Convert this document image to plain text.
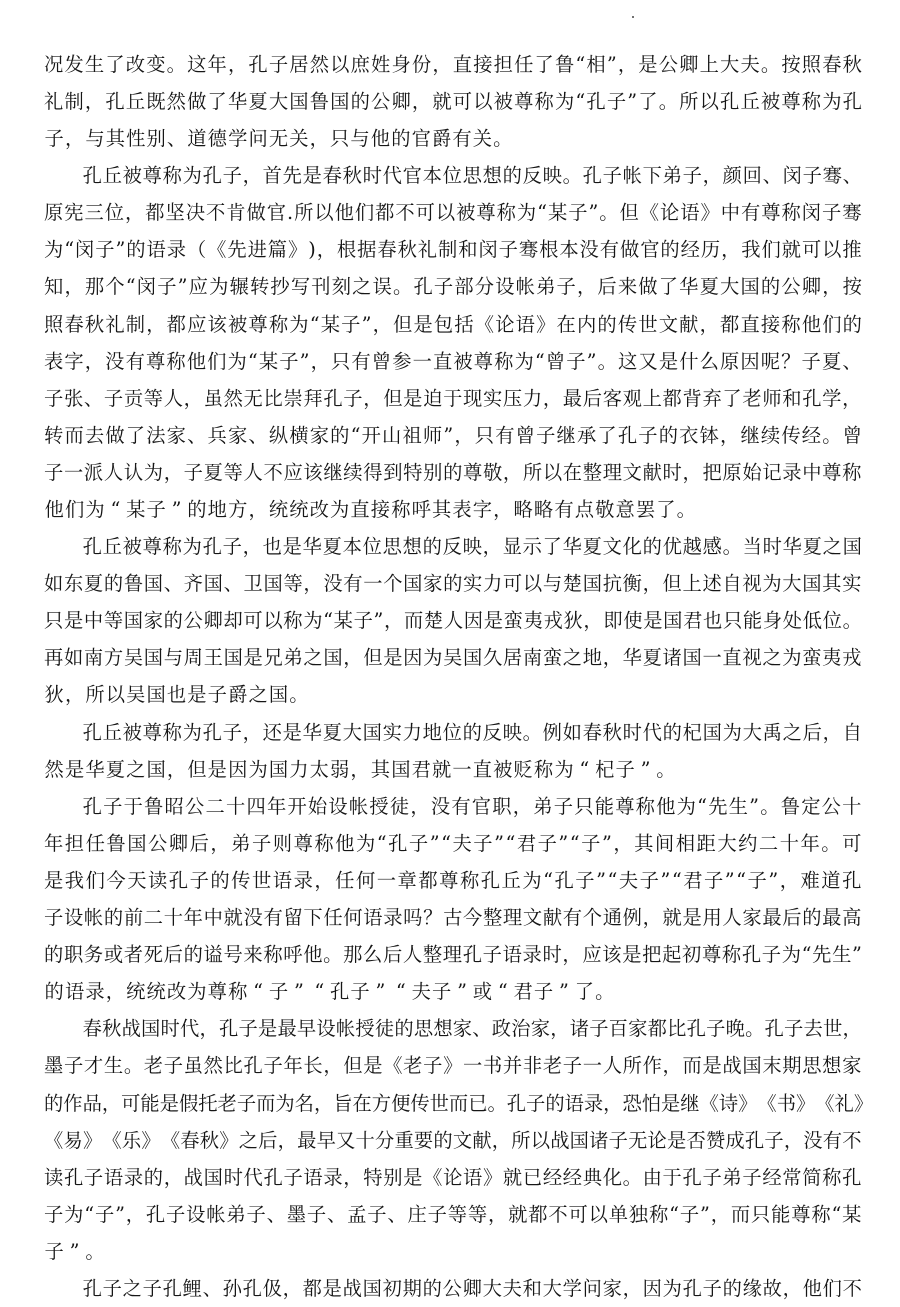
况 发 生 了 改 变 。 这 年 ， 孔 子 居 然 以 庶 姓 身 份 ， 直 接 担 任 了 鲁 “ 相 ” ， 是 公 卿 上 大 夫 。 按 照 春 秋
礼 制 ， 孔 丘 既 然 做 了 华 夏 大 国 鲁 国 的 公 卿 ， 就 可 以 被 尊 称 为 “ 孔 子 ” 了 。 所 以 孔 丘 被 尊 称 为 孔
子 ， 与 其 性 别 、 道 德 学 问 无 关 ， 只 与 他 的 官 爵 有 关 。
孔 丘 被 尊 称 为 孔 子 ， 首 先 是 春 秋 时 代 官 本 位 思 想 的 反 映 。 孔 子 帐 下 弟 子 ， 颜 回 、 闵 子 骞 、
原 宪 三 位 ， 都 坚 决 不 肯 做 官 . 所 以 他 们 都 不 可 以 被 尊 称 为 “ 某 子 ” 。 但 《 论 语 》 中 有 尊 称 闵 子 骞
为 “ 闵 子 ” 的 语 录 （ 《 先 进 篇 》 ) ， 根 据 春 秋 礼 制 和 闵 子 骞 根 本 没 有 做 官 的 经 历 ， 我 们 就 可 以 推
知 ， 那 个 “ 闵 子 ” 应 为 辗 转 抄 写 刊 刻 之 误 。 孔 子 部 分 设 帐 弟 子 ， 后 来 做 了 华 夏 大 国 的 公 卿 ， 按
照 春 秋 礼 制 ， 都 应 该 被 尊 称 为 “ 某 子 ” ， 但 是 包 括 《 论 语 》 在 内 的 传 世 文 献 ， 都 直 接 称 他 们 的
表 字 ， 没 有 尊 称 他 们 为 “ 某 子 ” ， 只 有 曾 参 一 直 被 尊 称 为 “ 曾 子 ” 。 这 又 是 什 么 原 因 呢 ？ 子 夏 、
子 张 、 子 贡 等 人 ， 虽 然 无 比 崇 拜 孔 子 ， 但 是 迫 于 现 实 压 力 ， 最 后 客 观 上 都 背 弃 了 老 师 和 孔 学 ，
转 而 去 做 了 法 家 、 兵 家 、 纵 横 家 的 “ 开 山 祖 师 ” ， 只 有 曾 子 继 承 了 孔 子 的 衣 钵 ， 继 续 传 经 。 曾
子 一 派 人 认 为 ， 子 夏 等 人 不 应 该 继 续 得 到 特 别 的 尊 敬 ， 所 以 在 整 理 文 献 时 ， 把 原 始 记 录 中 尊 称
他 们 为 “ 某 子 ” 的 地 方 ， 统 统 改 为 直 接 称 呼 其 表 字 ， 略 略 有 点 敬 意 罢 了 。
孔 丘 被 尊 称 为 孔 子 ， 也 是 华 夏 本 位 思 想 的 反 映 ， 显 示 了 华 夏 文 化 的 优 越 感 。 当 时 华 夏 之 国
如 东 夏 的 鲁 国 、 齐 国 、 卫 国 等 ， 没 有 一 个 国 家 的 实 力 可 以 与 楚 国 抗 衡 ， 但 上 述 自 视 为 大 国 其 实
只 是 中 等 国 家 的 公 卿 却 可 以 称 为 “ 某 子 ” ， 而 楚 人 因 是 蛮 夷 戎 狄 ， 即 使 是 国 君 也 只 能 身 处 低 位 。
再 如 南 方 吴 国 与 周 王 国 是 兄 弟 之 国 ， 但 是 因 为 吴 国 久 居 南 蛮 之 地 ， 华 夏 诸 国 一 直 视 之 为 蛮 夷 戎
狄 ， 所 以 吴 国 也 是 子 爵 之 国 。
孔 丘 被 尊 称 为 孔 子 ， 还 是 华 夏 大 国 实 力 地 位 的 反 映 。 例 如 春 秋 时 代 的 杞 国 为 大 禹 之 后 ， 自
然 是 华 夏 之 国 ， 但 是 因 为 国 力 太 弱 ， 其 国 君 就 一 直 被 贬 称 为 “ 杞 子 ” 。
孔 子 于 鲁 昭 公 二 十 四 年 开 始 设 帐 授 徒 ， 没 有 官 职 ， 弟 子 只 能 尊 称 他 为 “ 先 生 ” 。 鲁 定 公 十
年 担 任 鲁 国 公 卿 后 ， 弟 子 则 尊 称 他 为 “ 孔 子 ” “ 夫 子 ” “ 君 子 ” “ 子 ” ， 其 间 相 距 大 约 二 十 年 。 可
是 我 们 今 天 读 孔 子 的 传 世 语 录 ， 任 何 一 章 都 尊 称 孔 丘 为 “ 孔 子 ” “ 夫 子 ” “ 君 子 ” “ 子 ” ， 难 道 孔
子 设 帐 的 前 二 十 年 中 就 没 有 留 下 任 何 语 录 吗 ？ 古 今 整 理 文 献 有 个 通 例 ， 就 是 用 人 家 最 后 的 最 高
的 职 务 或 者 死 后 的 谥 号 来 称 呼 他 。 那 么 后 人 整 理 孔 子 语 录 时 ， 应 该 是 把 起 初 尊 称 孔 子 为 “ 先 生 ”
的 语 录 ， 统 统 改 为 尊 称 “ 子 ” “ 孔 子 ” “ 夫 子 ” 或 “ 君 子 ” 了 。
春 秋 战 国 时 代 ， 孔 子 是 最 早 设 帐 授 徒 的 思 想 家 、 政 治 家 ， 诸 子 百 家 都 比 孔 子 晚 。 孔 子 去 世 ，
墨 子 才 生 。 老 子 虽 然 比 孔 子 年 长 ， 但 是 《 老 子 》 一 书 并 非 老 子 一 人 所 作 ， 而 是 战 国 末 期 思 想 家
的 作 品 ， 可 能 是 假 托 老 子 而 为 名 ， 旨 在 方 便 传 世 而 已 。 孔 子 的 语 录 ， 恐 怕 是 继 《 诗 》 《 书 》 《 礼 》
《 易 》 《 乐 》 《 春 秋 》 之 后 ， 最 早 又 十 分 重 要 的 文 献 ， 所 以 战 国 诸 子 无 论 是 否 赞 成 孔 子 ， 没 有 不
读 孔 子 语 录 的 ， 战 国 时 代 孔 子 语 录 ， 特 别 是 《 论 语 》 就 已 经 经 典 化 。 由 于 孔 子 弟 子 经 常 简 称 孔
子 为 “ 子 ” ， 孔 子 设 帐 弟 子 、 墨 子 、 孟 子 、 庄 子 等 等 ， 就 都 不 可 以 单 独 称 “ 子 ” ， 而 只 能 尊 称 “ 某
子 ” 。
孔 子 之 子 孔 鲤 、 孙 孔 伋 ， 都 是 战 国 初 期 的 公 卿 大 夫 和 大 学 问 家 ， 因 为 孔 子 的 缘 故 ， 他 们 不
